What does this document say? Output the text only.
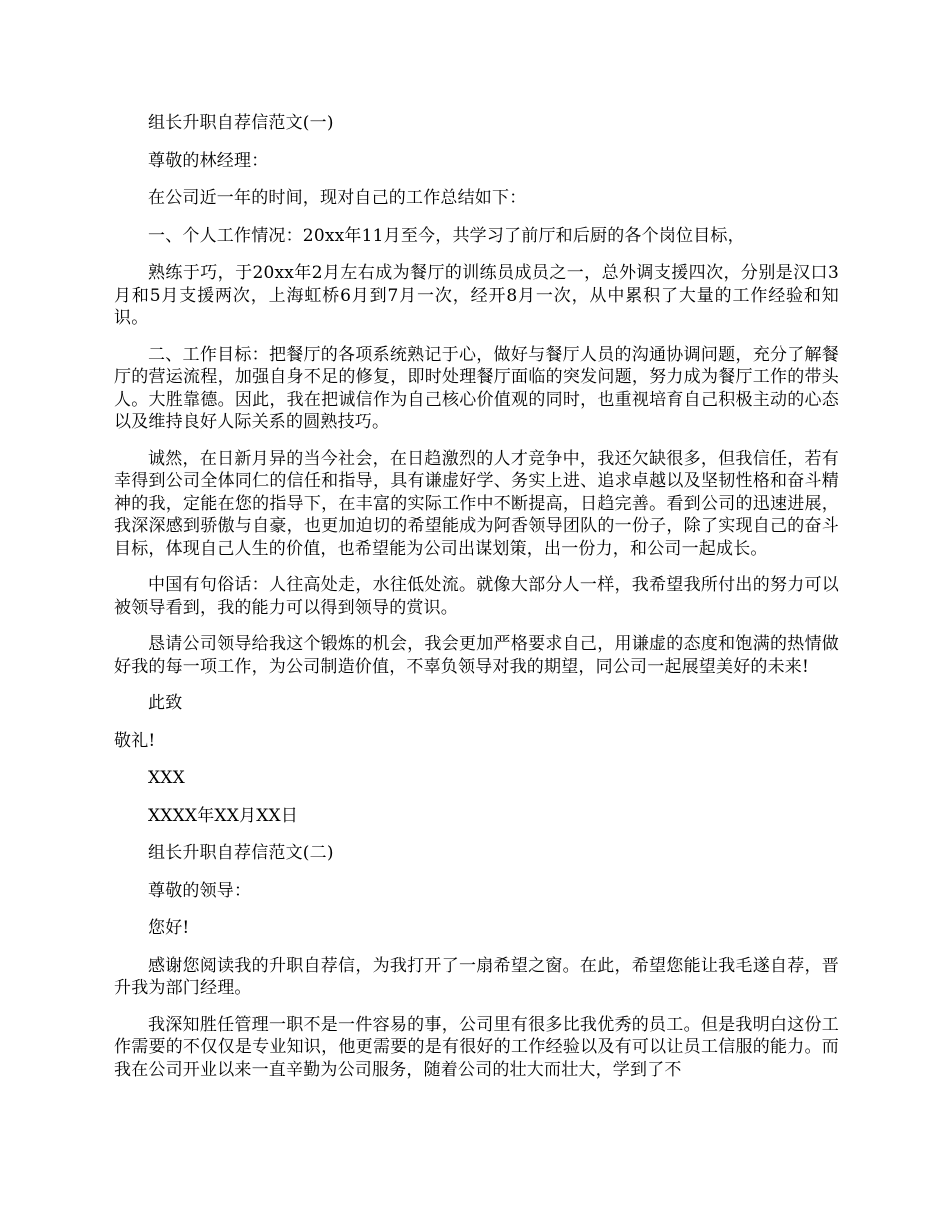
组长升职自荐信范文(一)

尊敬的林经理：

在公司近一年的时间，现对自己的工作总结如下：

一、个人工作情况：20xx年11月至今，共学习了前厅和后厨的各个岗位目标，

熟练于巧，于20xx年2月左右成为餐厅的训练员成员之一，总外调支援四次，分别是汉口3月和5月支援两次，上海虹桥6月到7月一次，经开8月一次，从中累积了大量的工作经验和知识。

二、工作目标：把餐厅的各项系统熟记于心，做好与餐厅人员的沟通协调问题，充分了解餐厅的营运流程，加强自身不足的修复，即时处理餐厅面临的突发问题，努力成为餐厅工作的带头人。大胜靠德。因此，我在把诚信作为自己核心价值观的同时，也重视培育自己积极主动的心态以及维持良好人际关系的圆熟技巧。

诚然，在日新月异的当今社会，在日趋激烈的人才竞争中，我还欠缺很多，但我信任，若有幸得到公司全体同仁的信任和指导，具有谦虚好学、务实上进、追求卓越以及坚韧性格和奋斗精神的我，定能在您的指导下，在丰富的实际工作中不断提高，日趋完善。看到公司的迅速进展，我深深感到骄傲与自豪，也更加迫切的希望能成为阿香领导团队的一份子，除了实现自己的奋斗目标，体现自己人生的价值，也希望能为公司出谋划策，出一份力，和公司一起成长。

中国有句俗话：人往高处走，水往低处流。就像大部分人一样，我希望我所付出的努力可以被领导看到，我的能力可以得到领导的赏识。

恳请公司领导给我这个锻炼的机会，我会更加严格要求自己，用谦虚的态度和饱满的热情做好我的每一项工作，为公司制造价值，不辜负领导对我的期望，同公司一起展望美好的未来!

此致

敬礼!

XXX

XXXX年XX月XX日

组长升职自荐信范文(二)

尊敬的领导：

您好!

感谢您阅读我的升职自荐信，为我打开了一扇希望之窗。在此，希望您能让我毛遂自荐，晋升我为部门经理。

我深知胜任管理一职不是一件容易的事，公司里有很多比我优秀的员工。但是我明白这份工作需要的不仅仅是专业知识，他更需要的是有很好的工作经验以及有可以让员工信服的能力。而我在公司开业以来一直辛勤为公司服务，随着公司的壮大而壮大，学到了不
